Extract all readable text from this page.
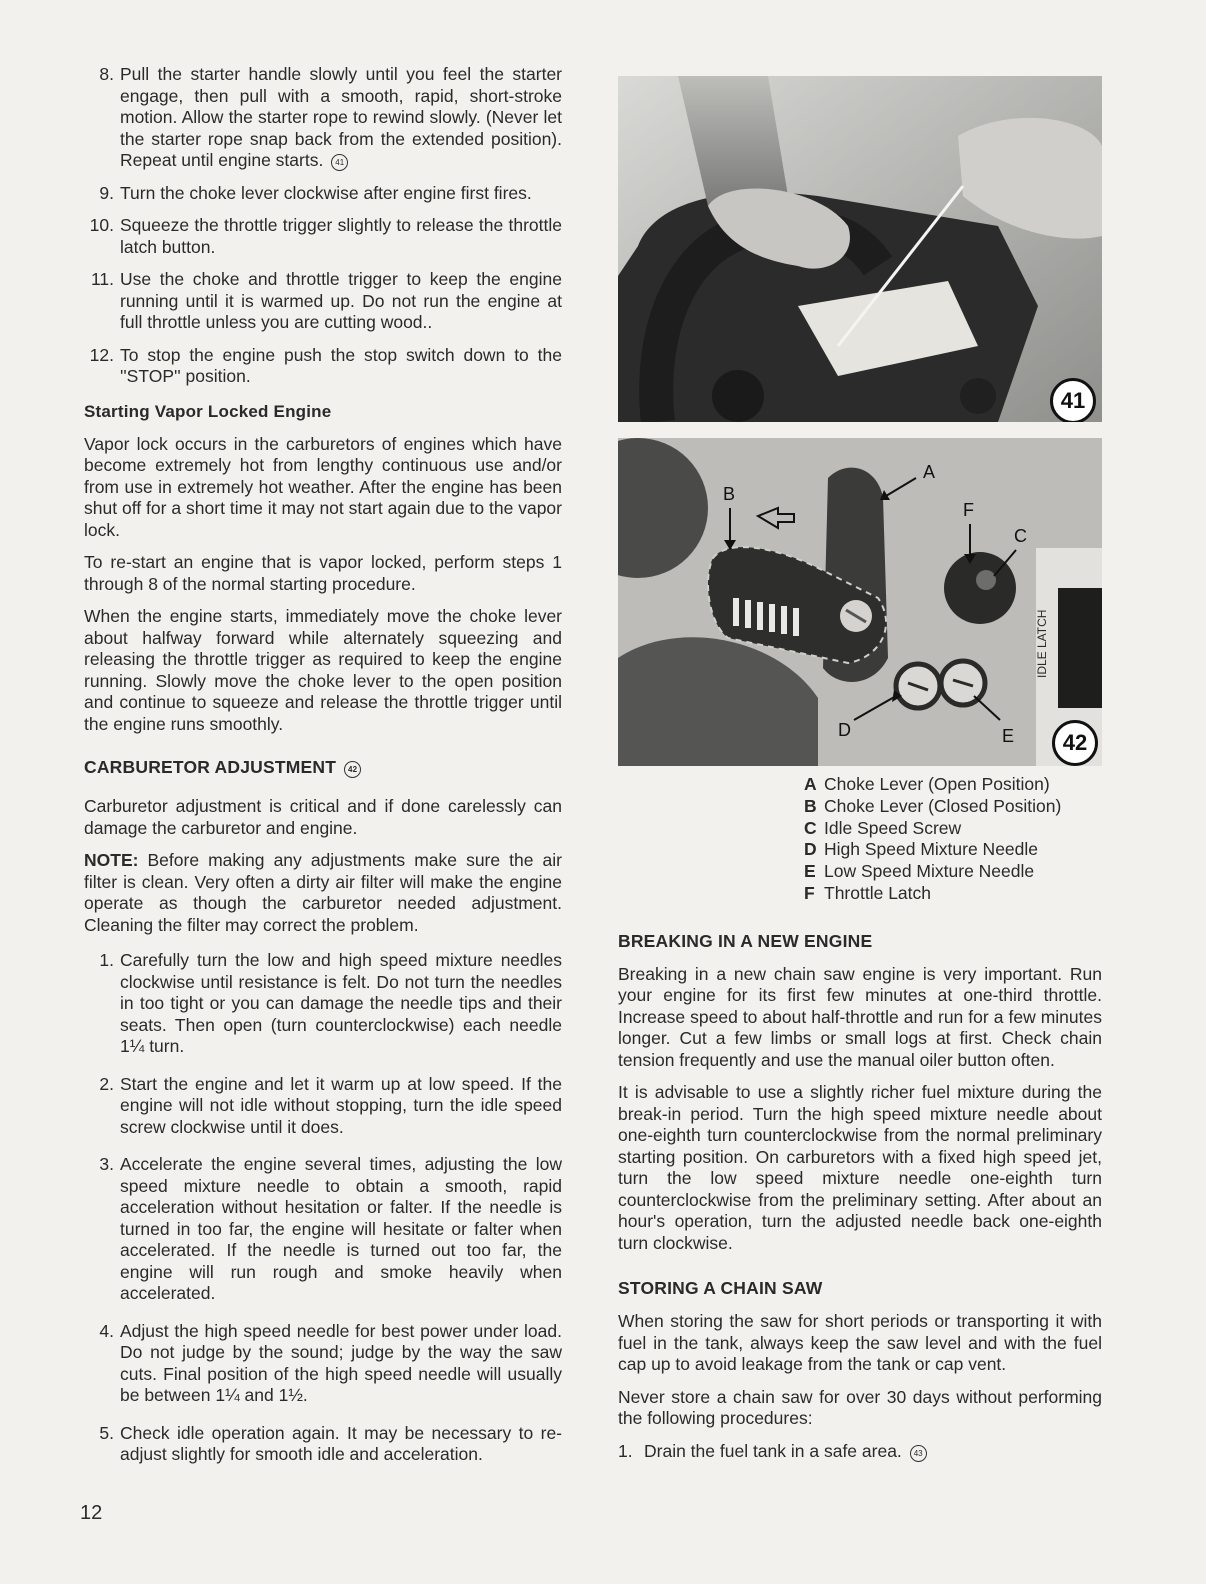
8. Pull the starter handle slowly until you feel the starter engage, then pull with a smooth, rapid, short-stroke motion. Allow the starter rope to rewind slowly. (Never let the starter rope snap back from the extended position). Repeat until engine starts. 41
9. Turn the choke lever clockwise after engine first fires.
10. Squeeze the throttle trigger slightly to release the throttle latch button.
11. Use the choke and throttle trigger to keep the engine running until it is warmed up. Do not run the engine at full throttle unless you are cutting wood..
12. To stop the engine push the stop switch down to the ''STOP'' position.
Starting Vapor Locked Engine

Vapor lock occurs in the carburetors of engines which have become extremely hot from lengthy continuous use and/or from use in extremely hot weather. After the engine has been shut off for a short time it may not start again due to the vapor lock.

To re-start an engine that is vapor locked, perform steps 1 through 8 of the normal starting procedure.

When the engine starts, immediately move the choke lever about halfway forward while alternately squeezing and releasing the throttle trigger as required to keep the engine running. Slowly move the choke lever to the open position and continue to squeeze and release the throttle trigger until the engine runs smoothly.

CARBURETOR ADJUSTMENT 42

Carburetor adjustment is critical and if done carelessly can damage the carburetor and engine.

NOTE: Before making any adjustments make sure the air filter is clean. Very often a dirty air filter will make the engine operate as though the carburetor needed adjustment. Cleaning the filter may correct the problem.

1. Carefully turn the low and high speed mixture needles clockwise until resistance is felt. Do not turn the needles in too tight or you can damage the needle tips and their seats. Then open (turn counterclockwise) each needle 1¼ turn.
2. Start the engine and let it warm up at low speed. If the engine will not idle without stopping, turn the idle speed screw clockwise until it does.
3. Accelerate the engine several times, adjusting the low speed mixture needle to obtain a smooth, rapid acceleration without hesitation or falter. If the needle is turned in too far, the engine will hesitate or falter when accelerated. If the needle is turned out too far, the engine will run rough and smoke heavily when accelerated.
4. Adjust the high speed needle for best power under load. Do not judge by the sound; judge by the way the saw cuts. Final position of the high speed needle will usually be between 1¼ and 1½.
5. Check idle operation again. It may be necessary to re-adjust slightly for smooth idle and acceleration.
41
IDLE LATCH
B
A
F
C
D	E	42
A Choke Lever (Open Position)
B Choke Lever (Closed Position)
C Idle Speed Screw
D High Speed Mixture Needle
E Low Speed Mixture Needle
F Throttle Latch
BREAKING IN A NEW ENGINE

Breaking in a new chain saw engine is very important. Run your engine for its first few minutes at one-third throttle. Increase speed to about half-throttle and run for a few minutes longer. Cut a few limbs or small logs at first. Check chain tension frequently and use the manual oiler button often.

It is advisable to use a slightly richer fuel mixture during the break-in period. Turn the high speed mixture needle about one-eighth turn counterclockwise from the normal preliminary starting position. On carburetors with a fixed high speed jet, turn the low speed mixture needle one-eighth turn counterclockwise from the preliminary setting. After about an hour's operation, turn the adjusted needle back one-eighth turn clockwise.

STORING A CHAIN SAW

When storing the saw for short periods or transporting it with fuel in the tank, always keep the saw level and with the fuel cap up to avoid leakage from the tank or cap vent.

Never store a chain saw for over 30 days without performing the following procedures:

1. Drain the fuel tank in a safe area. 43
12
